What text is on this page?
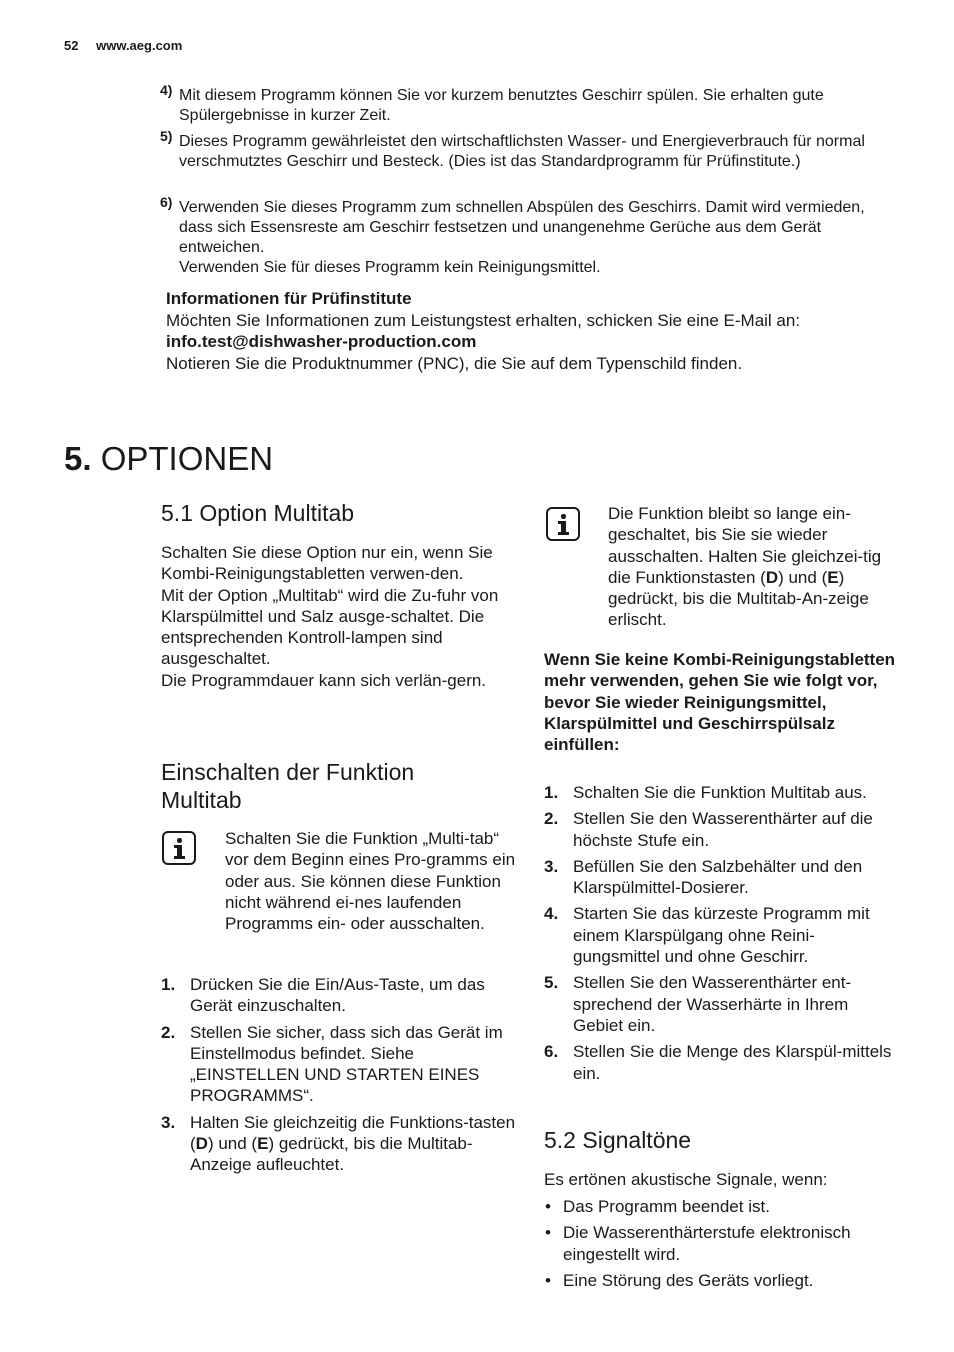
52 www.aeg.com
4) Mit diesem Programm können Sie vor kurzem benutztes Geschirr spülen. Sie erhalten gute Spülergebnisse in kurzer Zeit.
5) Dieses Programm gewährleistet den wirtschaftlichsten Wasser- und Energieverbrauch für normal verschmutztes Geschirr und Besteck. (Dies ist das Standardprogramm für Prüfinstitute.)
6) Verwenden Sie dieses Programm zum schnellen Abspülen des Geschirrs. Damit wird vermieden, dass sich Essensreste am Geschirr festsetzen und unangenehme Gerüche aus dem Gerät entweichen.
Verwenden Sie für dieses Programm kein Reinigungsmittel.
Informationen für Prüfinstitute
Möchten Sie Informationen zum Leistungstest erhalten, schicken Sie eine E-Mail an:
info.test@dishwasher-production.com
Notieren Sie die Produktnummer (PNC), die Sie auf dem Typenschild finden.
5. OPTIONEN
5.1 Option Multitab
Schalten Sie diese Option nur ein, wenn Sie Kombi-Reinigungstabletten verwen-den.
Mit der Option „Multitab“ wird die Zu-fuhr von Klarspülmittel und Salz ausge-schaltet. Die entsprechenden Kontroll-lampen sind ausgeschaltet.
Die Programmdauer kann sich verlän-gern.
Einschalten der Funktion Multitab
Schalten Sie die Funktion „Multi-tab“ vor dem Beginn eines Pro-gramms ein oder aus. Sie können diese Funktion nicht während ei-nes laufenden Programms ein- oder ausschalten.
1. Drücken Sie die Ein/Aus-Taste, um das Gerät einzuschalten.
2. Stellen Sie sicher, dass sich das Gerät im Einstellmodus befindet. Siehe „EINSTELLEN UND STARTEN EINES PROGRAMMS“.
3. Halten Sie gleichzeitig die Funktions-tasten (D) und (E) gedrückt, bis die Multitab-Anzeige aufleuchtet.
Die Funktion bleibt so lange ein-geschaltet, bis Sie sie wieder ausschalten. Halten Sie gleichzei-tig die Funktionstasten (D) und (E) gedrückt, bis die Multitab-An-zeige erlischt.
Wenn Sie keine Kombi-Reinigungstabletten mehr verwenden, gehen Sie wie folgt vor, bevor Sie wieder Reinigungsmittel, Klarspülmittel und Geschirrspülsalz einfüllen:
1. Schalten Sie die Funktion Multitab aus.
2. Stellen Sie den Wasserenthärter auf die höchste Stufe ein.
3. Befüllen Sie den Salzbehälter und den Klarspülmittel-Dosierer.
4. Starten Sie das kürzeste Programm mit einem Klarspülgang ohne Reini-gungsmittel und ohne Geschirr.
5. Stellen Sie den Wasserenthärter ent-sprechend der Wasserhärte in Ihrem Gebiet ein.
6. Stellen Sie die Menge des Klarspül-mittels ein.
5.2 Signaltöne
Es ertönen akustische Signale, wenn:
• Das Programm beendet ist.
• Die Wasserenthärterstufe elektronisch eingestellt wird.
• Eine Störung des Geräts vorliegt.
